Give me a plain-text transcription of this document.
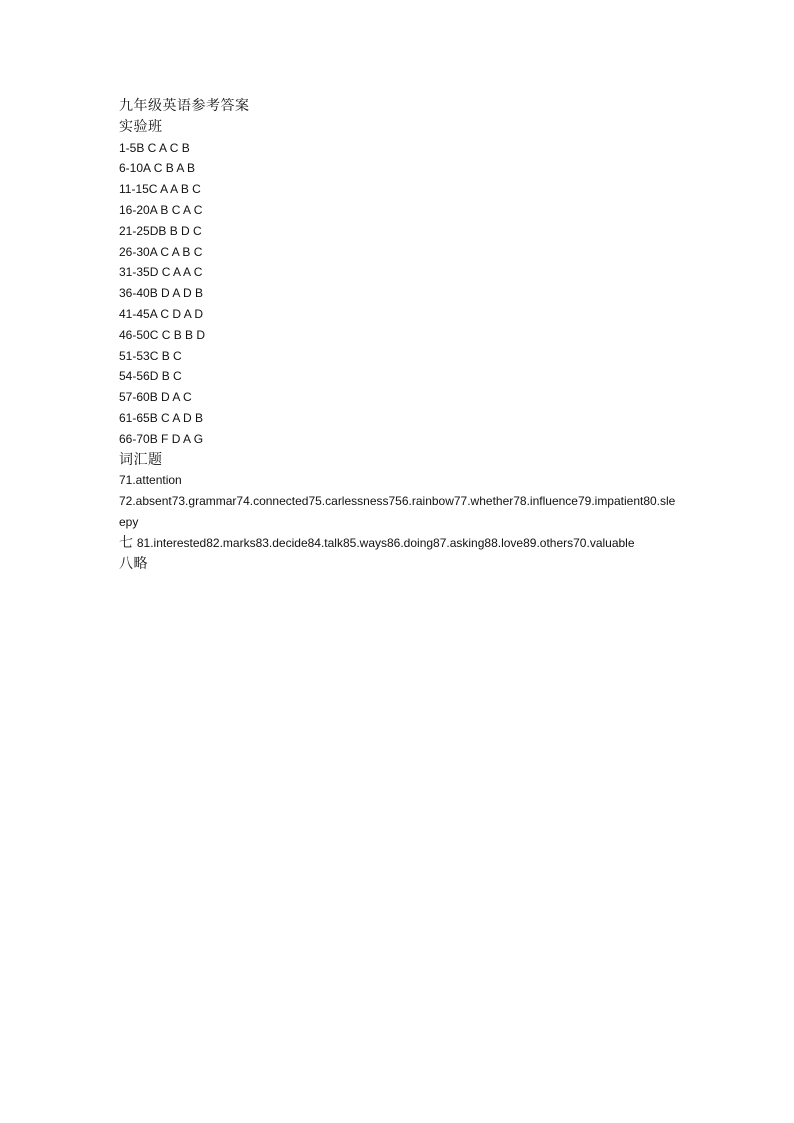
九年级英语参考答案
实验班
1-5B C A C B
6-10A C B A B
11-15C A A B C
16-20A B C A C
21-25DB B D C
26-30A C A B C
31-35D C A A C
36-40B D A D B
41-45A C D A D
46-50C C B B D
51-53C B C
54-56D B C
57-60B D A C
61-65B C A D B
66-70B F D A G
词汇题
71.attention
72.absent73.grammar74.connected75.carlessness756.rainbow77.whether78.influence79.impatient80.sleepy
七 81.interested82.marks83.decide84.talk85.ways86.doing87.asking88.love89.others70.valuable
八略
